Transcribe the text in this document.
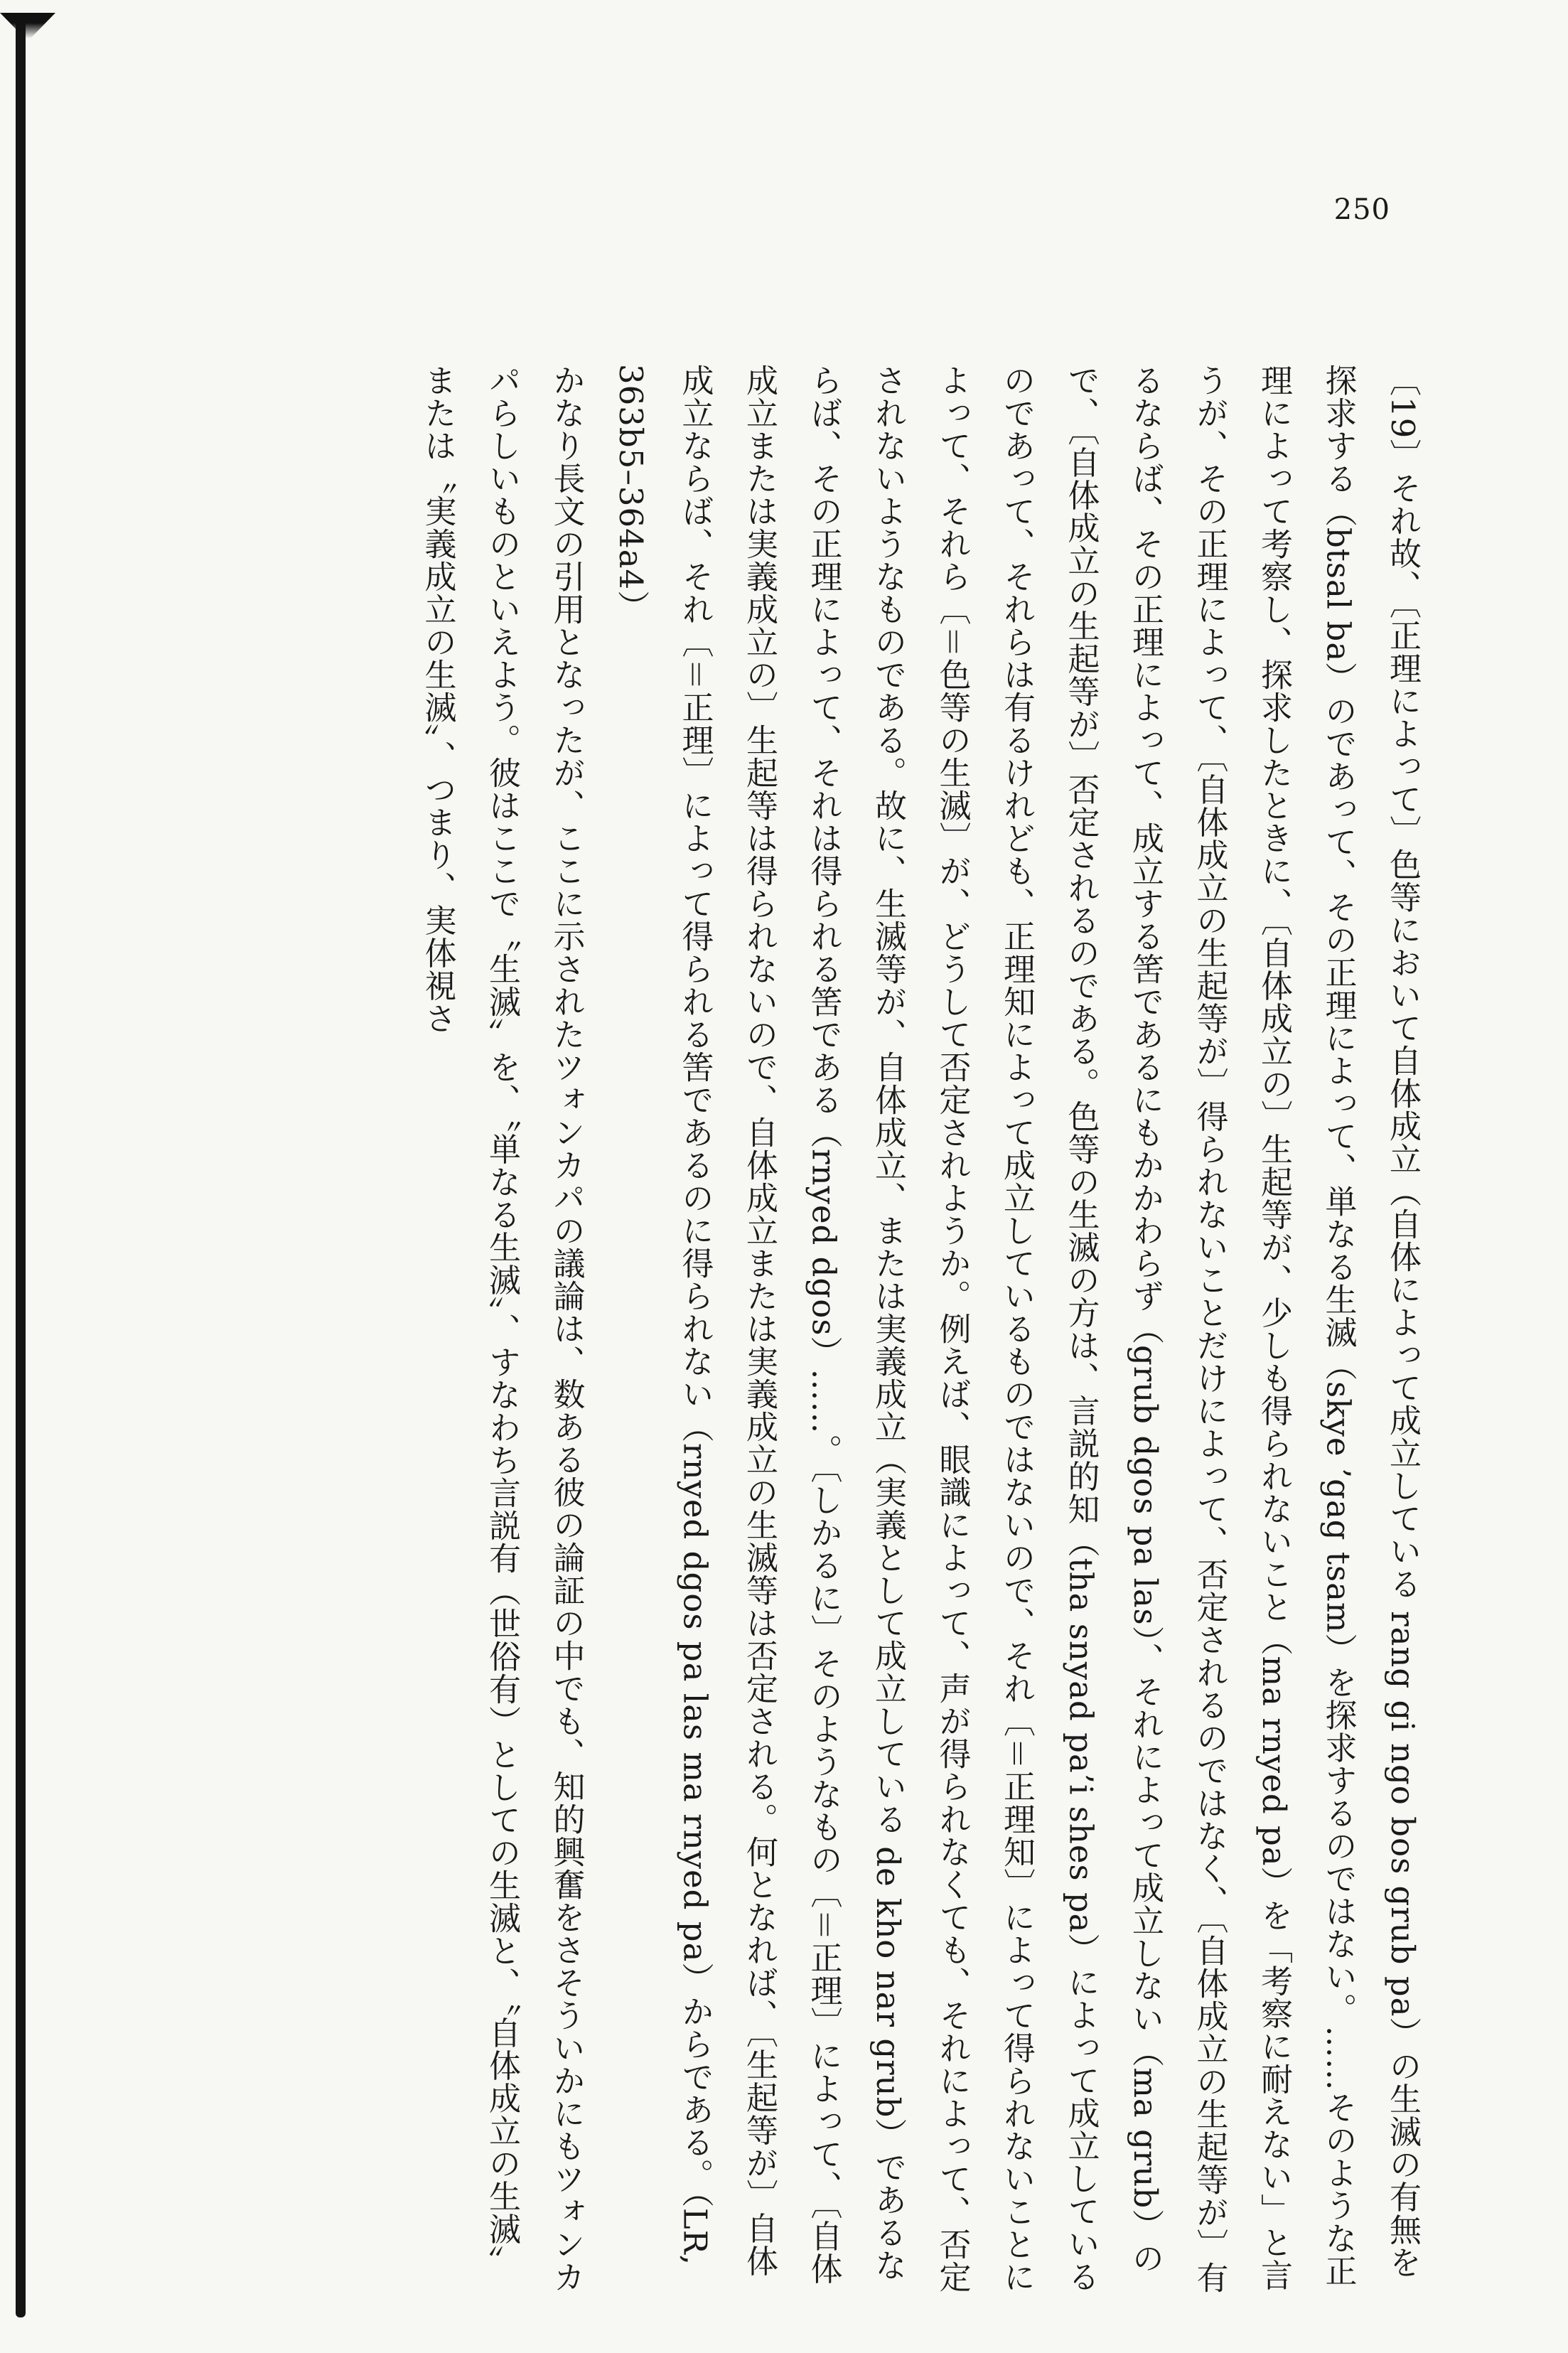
250

〔19〕それ故、〔正理によって〕色等において自体成立（自体によって成立している rang gi ngo bos grub pa）の生滅の有無を探求する（btsal ba）のであって、その正理によって、単なる生滅（skye ’gag tsam）を探求するのではない。……そのような正理によって考察し、探求したときに、〔自体成立の〕生起等が、少しも得られないこと（ma rnyed pa）を「考察に耐えない」と言うが、その正理によって、〔自体成立の生起等が〕得られないことだけによって、否定されるのではなく、〔自体成立の生起等が〕有るならば、その正理によって、成立する筈であるにもかかわらず（grub dgos pa las）、それによって成立しない（ma grub）ので、〔自体成立の生起等が〕否定されるのである。色等の生滅の方は、言説的知（tha snyad pa’i shes pa）によって成立しているのであって、それらは有るけれども、正理知によって成立しているものではないので、それ〔＝正理知〕によって得られないことによって、それら〔＝色等の生滅〕が、どうして否定されようか。例えば、眼識によって、声が得られなくても、それによって、否定されないようなものである。故に、生滅等が、自体成立、または実義成立（実義として成立している de kho nar grub）であるならば、その正理によって、それは得られる筈である（rnyed dgos）……。〔しかるに〕そのようなもの〔＝正理〕によって、〔自体成立または実義成立の〕生起等は得られないので、自体成立または実義成立の生滅等は否定される。何となれば、〔生起等が〕自体成立ならば、それ〔＝正理〕によって得られる筈であるのに得られない（rnyed dgos pa las ma rnyed pa）からである。（LR, 363b5–364a4）

かなり長文の引用となったが、ここに示されたツォンカパの議論は、数ある彼の論証の中でも、知的興奮をさそういかにもツォンカパらしいものといえよう。彼はここで〝生滅〟を、〝単なる生滅〟、すなわち言説有（世俗有）としての生滅と、〝自体成立の生滅〟または〝実義成立の生滅〟、つまり、実体視さ
